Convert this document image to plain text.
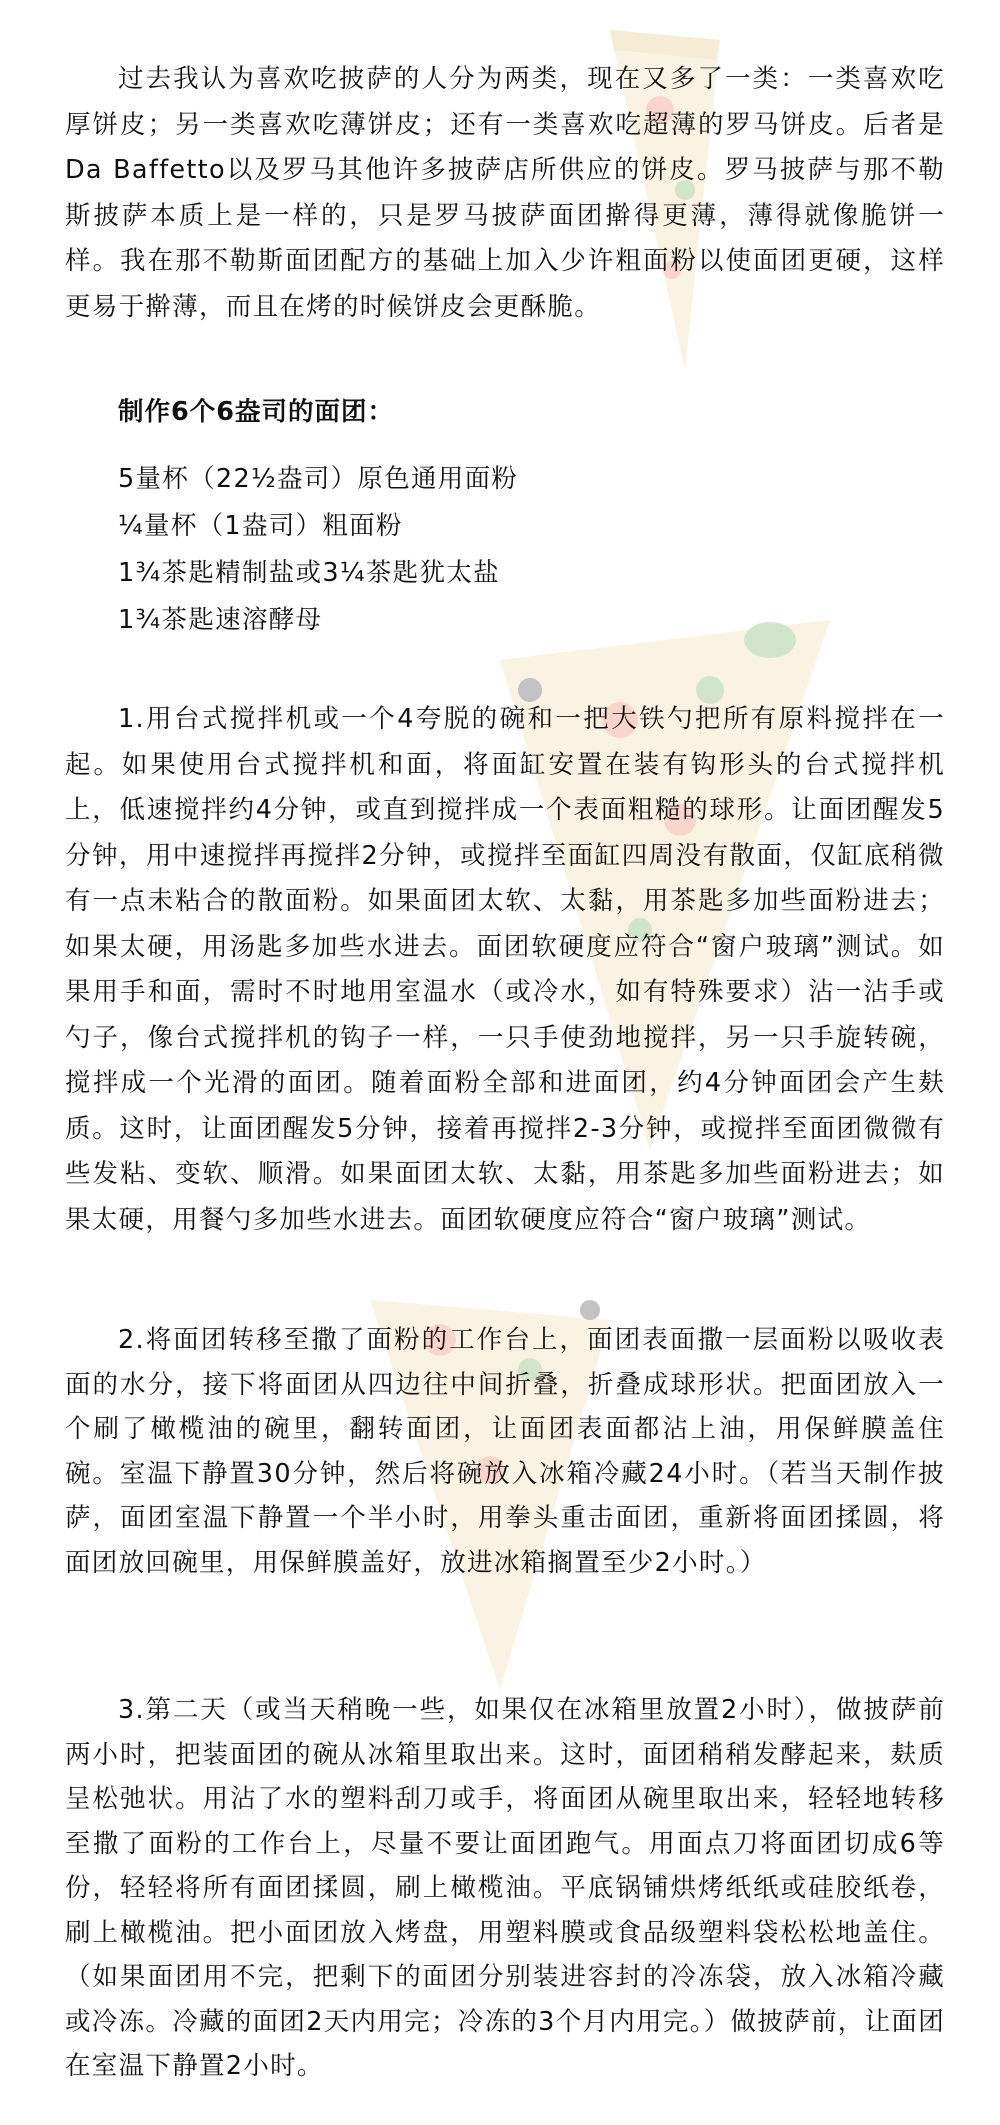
过去我认为喜欢吃披萨的人分为两类，现在又多了一类：一类喜欢吃厚饼皮；另一类喜欢吃薄饼皮；还有一类喜欢吃超薄的罗马饼皮。后者是Da Baffetto以及罗马其他许多披萨店所供应的饼皮。罗马披萨与那不勒斯披萨本质上是一样的，只是罗马披萨面团擀得更薄，薄得就像脆饼一样。我在那不勒斯面团配方的基础上加入少许粗面粉以使面团更硬，这样更易于擀薄，而且在烤的时候饼皮会更酥脆。

制作6个6盎司的面团：

5量杯（22½盎司）原色通用面粉
¼量杯（1盎司）粗面粉
1¾茶匙精制盐或3¼茶匙犹太盐
1¾茶匙速溶酵母

1.用台式搅拌机或一个4夸脱的碗和一把大铁勺把所有原料搅拌在一起。如果使用台式搅拌机和面，将面缸安置在装有钩形头的台式搅拌机上，低速搅拌约4分钟，或直到搅拌成一个表面粗糙的球形。让面团醒发5分钟，用中速搅拌再搅拌2分钟，或搅拌至面缸四周没有散面，仅缸底稍微有一点未粘合的散面粉。如果面团太软、太黏，用茶匙多加些面粉进去；如果太硬，用汤匙多加些水进去。面团软硬度应符合“窗户玻璃”测试。如果用手和面，需时不时地用室温水（或冷水，如有特殊要求）沾一沾手或勺子，像台式搅拌机的钩子一样，一只手使劲地搅拌，另一只手旋转碗，搅拌成一个光滑的面团。随着面粉全部和进面团，约4分钟面团会产生麸质。这时，让面团醒发5分钟，接着再搅拌2-3分钟，或搅拌至面团微微有些发粘、变软、顺滑。如果面团太软、太黏，用茶匙多加些面粉进去；如果太硬，用餐勺多加些水进去。面团软硬度应符合“窗户玻璃”测试。

2.将面团转移至撒了面粉的工作台上，面团表面撒一层面粉以吸收表面的水分，接下将面团从四边往中间折叠，折叠成球形状。把面团放入一个刷了橄榄油的碗里，翻转面团，让面团表面都沾上油，用保鲜膜盖住碗。室温下静置30分钟，然后将碗放入冰箱冷藏24小时。（若当天制作披萨，面团室温下静置一个半小时，用拳头重击面团，重新将面团揉圆，将面团放回碗里，用保鲜膜盖好，放进冰箱搁置至少2小时。）

3.第二天（或当天稍晚一些，如果仅在冰箱里放置2小时），做披萨前两小时，把装面团的碗从冰箱里取出来。这时，面团稍稍发酵起来，麸质呈松弛状。用沾了水的塑料刮刀或手，将面团从碗里取出来，轻轻地转移至撒了面粉的工作台上，尽量不要让面团跑气。用面点刀将面团切成6等份，轻轻将所有面团揉圆，刷上橄榄油。平底锅铺烘烤纸纸或硅胶纸卷，刷上橄榄油。把小面团放入烤盘，用塑料膜或食品级塑料袋松松地盖住。（如果面团用不完，把剩下的面团分别装进容封的冷冻袋，放入冰箱冷藏或冷冻。冷藏的面团2天内用完；冷冻的3个月内用完。）做披萨前，让面团在室温下静置2小时。
